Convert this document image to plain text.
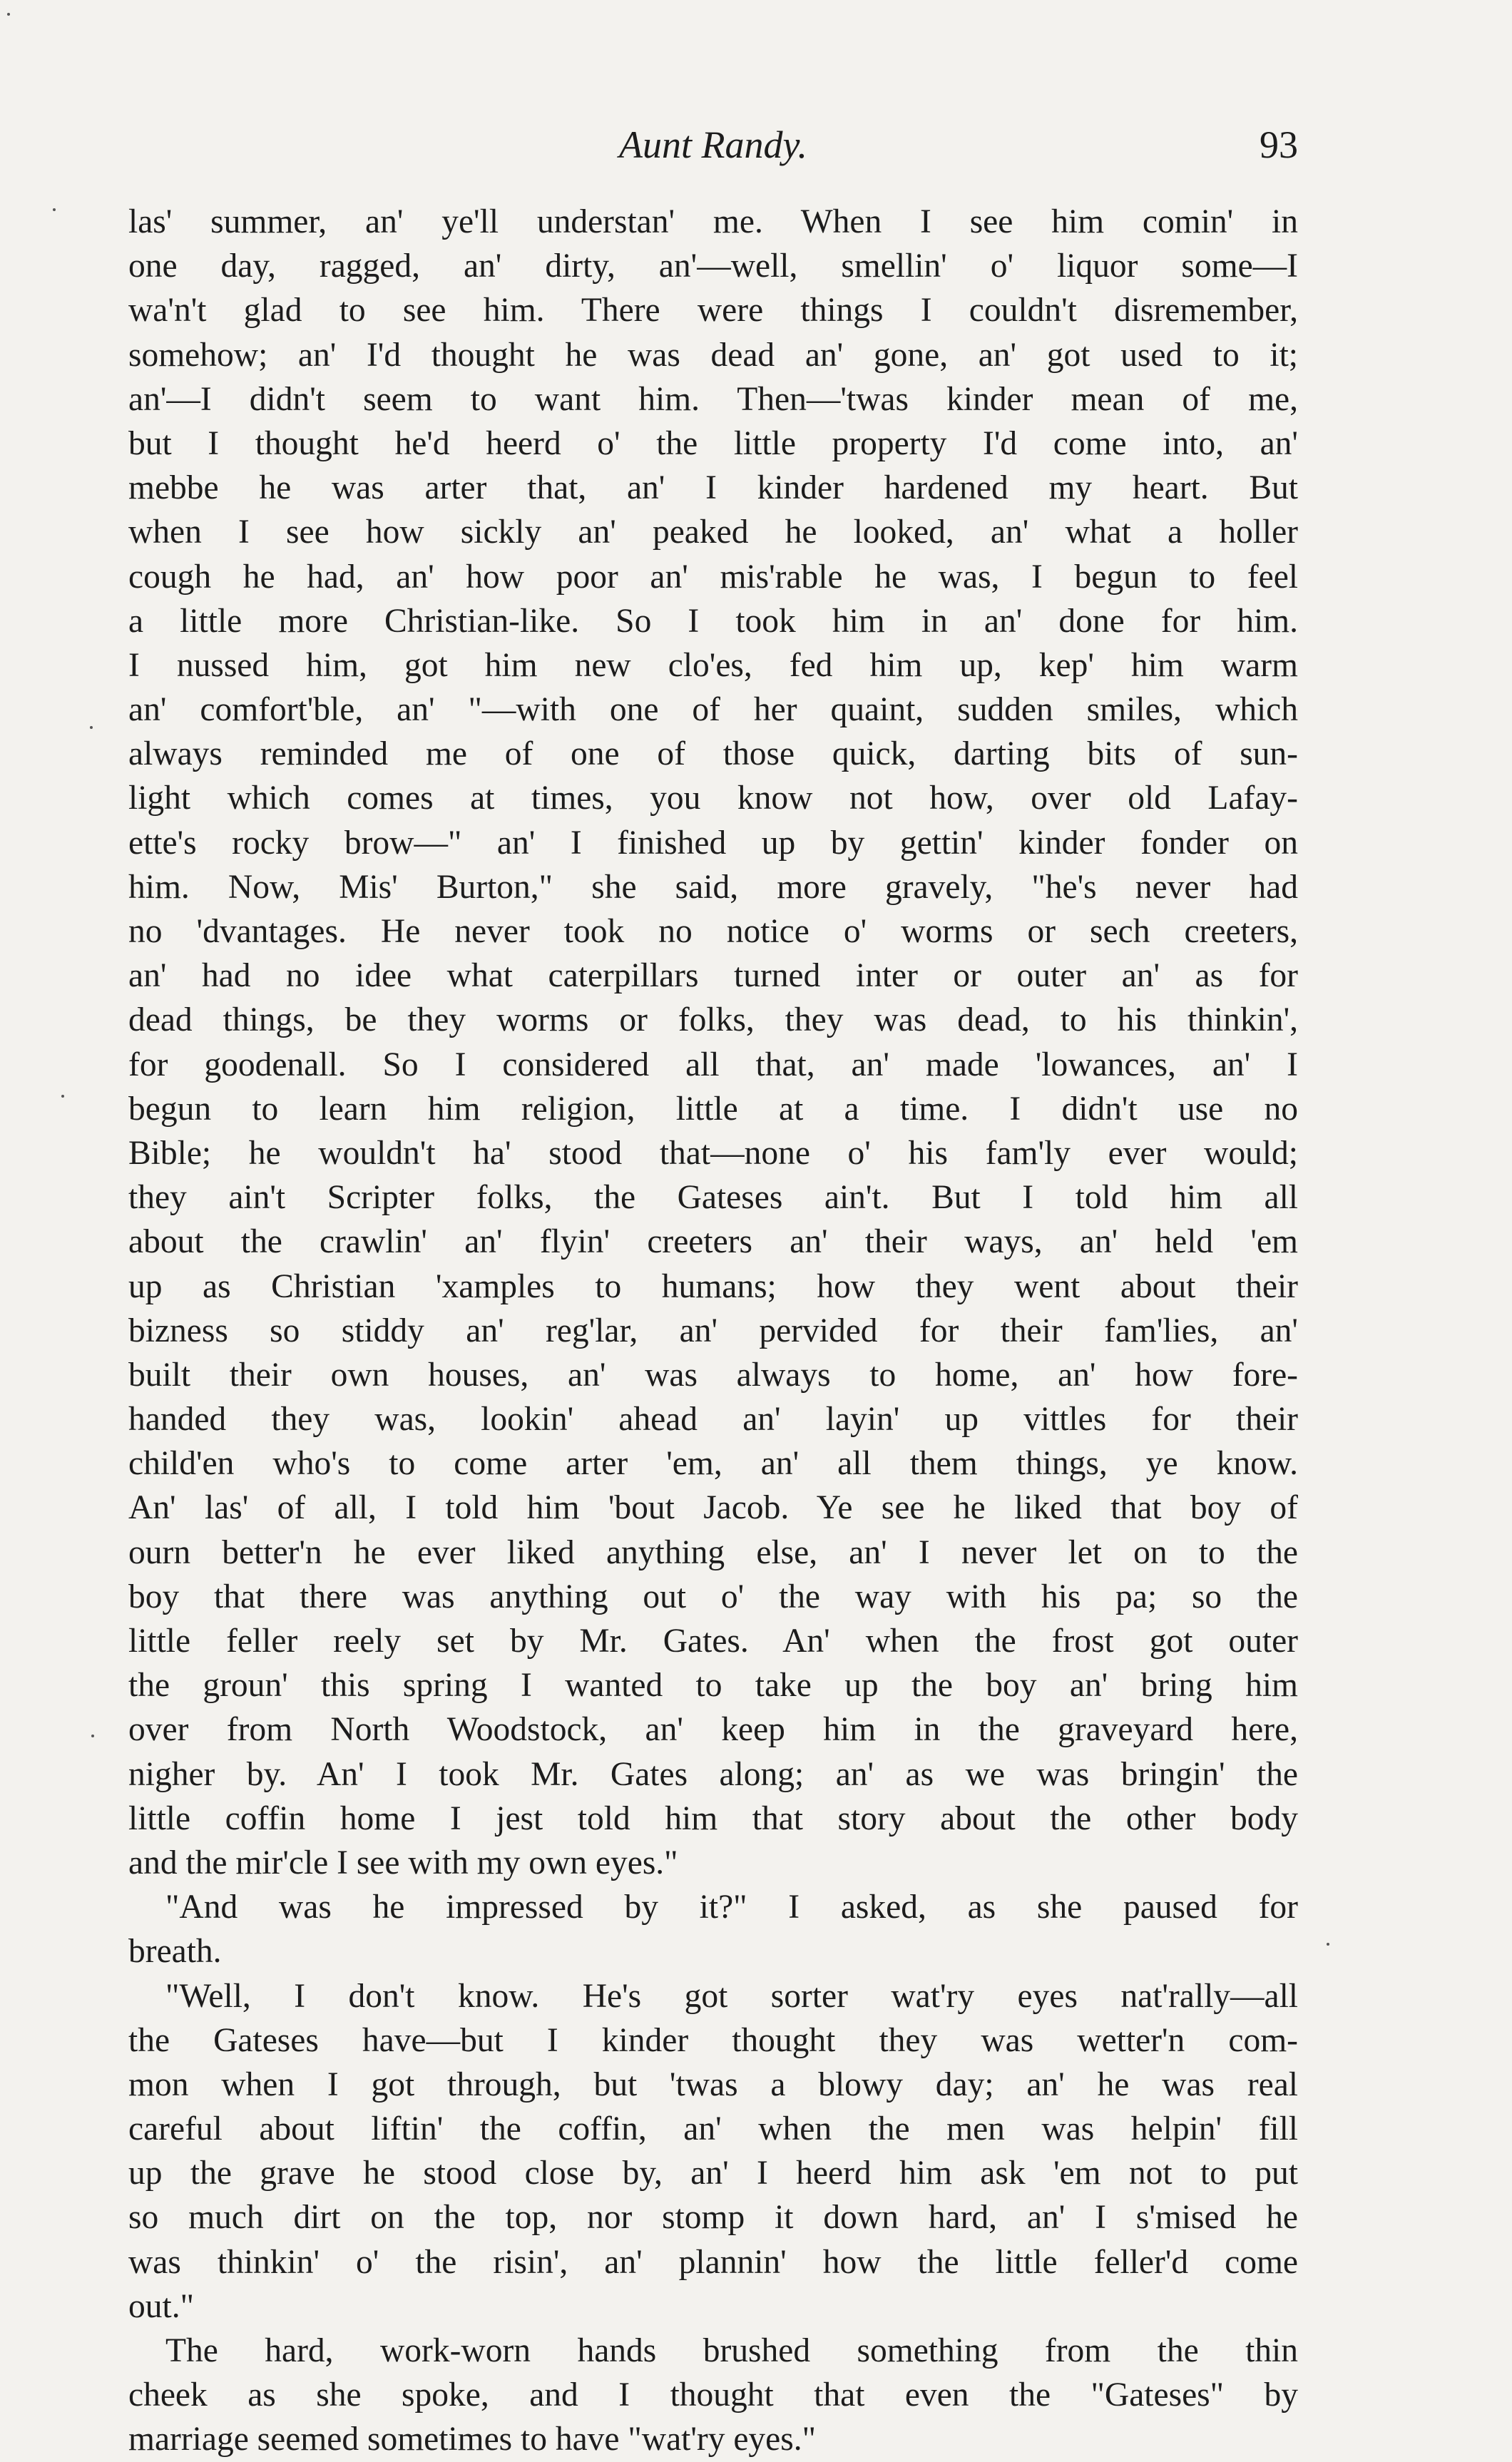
Aunt Randy.	93
las' summer, an' ye'll understan' me. When I see him comin' in
one day, ragged, an' dirty, an'—well, smellin' o' liquor some—I
wa'n't glad to see him. There were things I couldn't disremember,
somehow; an' I'd thought he was dead an' gone, an' got used to it;
an'—I didn't seem to want him. Then—'twas kinder mean of me,
but I thought he'd heerd o' the little property I'd come into, an'
mebbe he was arter that, an' I kinder hardened my heart. But
when I see how sickly an' peaked he looked, an' what a holler
cough he had, an' how poor an' mis'rable he was, I begun to feel
a little more Christian-like. So I took him in an' done for him.
I nussed him, got him new clo'es, fed him up, kep' him warm
an' comfort'ble, an' "—with one of her quaint, sudden smiles, which
always reminded me of one of those quick, darting bits of sun-
light which comes at times, you know not how, over old Lafay-
ette's rocky brow—" an' I finished up by gettin' kinder fonder on
him. Now, Mis' Burton," she said, more gravely, "he's never had
no 'dvantages. He never took no notice o' worms or sech creeters,
an' had no idee what caterpillars turned inter or outer an' as for
dead things, be they worms or folks, they was dead, to his thinkin',
for goodenall. So I considered all that, an' made 'lowances, an' I
begun to learn him religion, little at a time. I didn't use no
Bible; he wouldn't ha' stood that—none o' his fam'ly ever would;
they ain't Scripter folks, the Gateses ain't. But I told him all
about the crawlin' an' flyin' creeters an' their ways, an' held 'em
up as Christian 'xamples to humans; how they went about their
bizness so stiddy an' reg'lar, an' pervided for their fam'lies, an'
built their own houses, an' was always to home, an' how fore-
handed they was, lookin' ahead an' layin' up vittles for their
child'en who's to come arter 'em, an' all them things, ye know.
An' las' of all, I told him 'bout Jacob. Ye see he liked that boy of
ourn better'n he ever liked anything else, an' I never let on to the
boy that there was anything out o' the way with his pa; so the
little feller reely set by Mr. Gates. An' when the frost got outer
the groun' this spring I wanted to take up the boy an' bring him
over from North Woodstock, an' keep him in the graveyard here,
nigher by. An' I took Mr. Gates along; an' as we was bringin' the
little coffin home I jest told him that story about the other body
and the mir'cle I see with my own eyes."
"And was he impressed by it?" I asked, as she paused for
breath.
"Well, I don't know. He's got sorter wat'ry eyes nat'rally—all
the Gateses have—but I kinder thought they was wetter'n com-
mon when I got through, but 'twas a blowy day; an' he was real
careful about liftin' the coffin, an' when the men was helpin' fill
up the grave he stood close by, an' I heerd him ask 'em not to put
so much dirt on the top, nor stomp it down hard, an' I s'mised he
was thinkin' o' the risin', an' plannin' how the little feller'd come
out."
The hard, work-worn hands brushed something from the thin
cheek as she spoke, and I thought that even the "Gateses" by
marriage seemed sometimes to have "wat'ry eyes."
